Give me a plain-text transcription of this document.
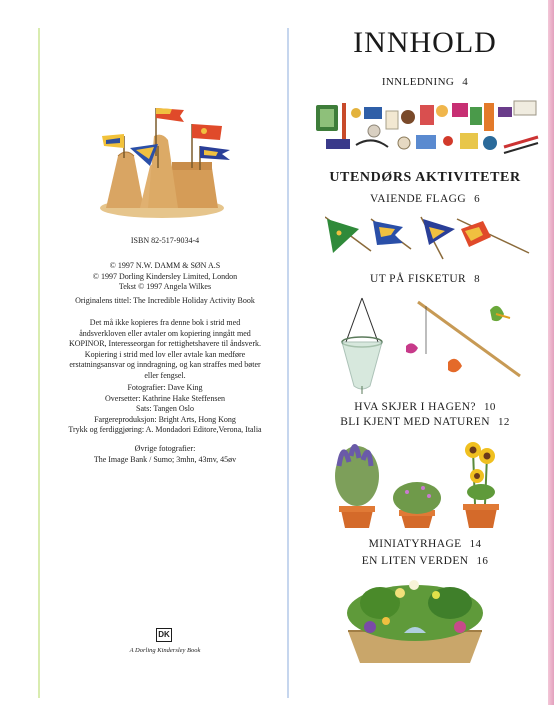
ISBN 82-517-9034-4
© 1997 N.W. DAMM & SØN A.S
© 1997 Dorling Kindersley Limited, London
Tekst © 1997 Angela Wilkes
Originalens tittel: The Incredible Holiday Activity Book
Det må ikke kopieres fra denne bok i strid med
åndsverkloven eller avtaler om kopiering inngått med
KOPINOR, Interesseorgan for rettighetshavere til åndsverk.
Kopiering i strid med lov eller avtale kan medføre
erstatningsansvar og inndragning, og kan straffes med bøter
eller fengsel.
Fotografier: Dave King
Oversetter: Kathrine Hake Steffensen
Sats: Tangen Oslo
Fargereproduksjon: Bright Arts, Hong Kong
Trykk og ferdiggjøring: A. Mondadori Editore,Verona, Italia
Øvrige fotografier:
The Image Bank / Sumo; 3mhn, 43mv, 45øv
DK
A Dorling Kindersley Book
INNHOLD
INNLEDNING 4
UTENDØRS AKTIVITETER
VAIENDE FLAGG 6
UT PÅ FISKETUR 8
HVA SKJER I HAGEN? 10
BLI KJENT MED NATUREN 12
MINIATYRHAGE 14
EN LITEN VERDEN 16
